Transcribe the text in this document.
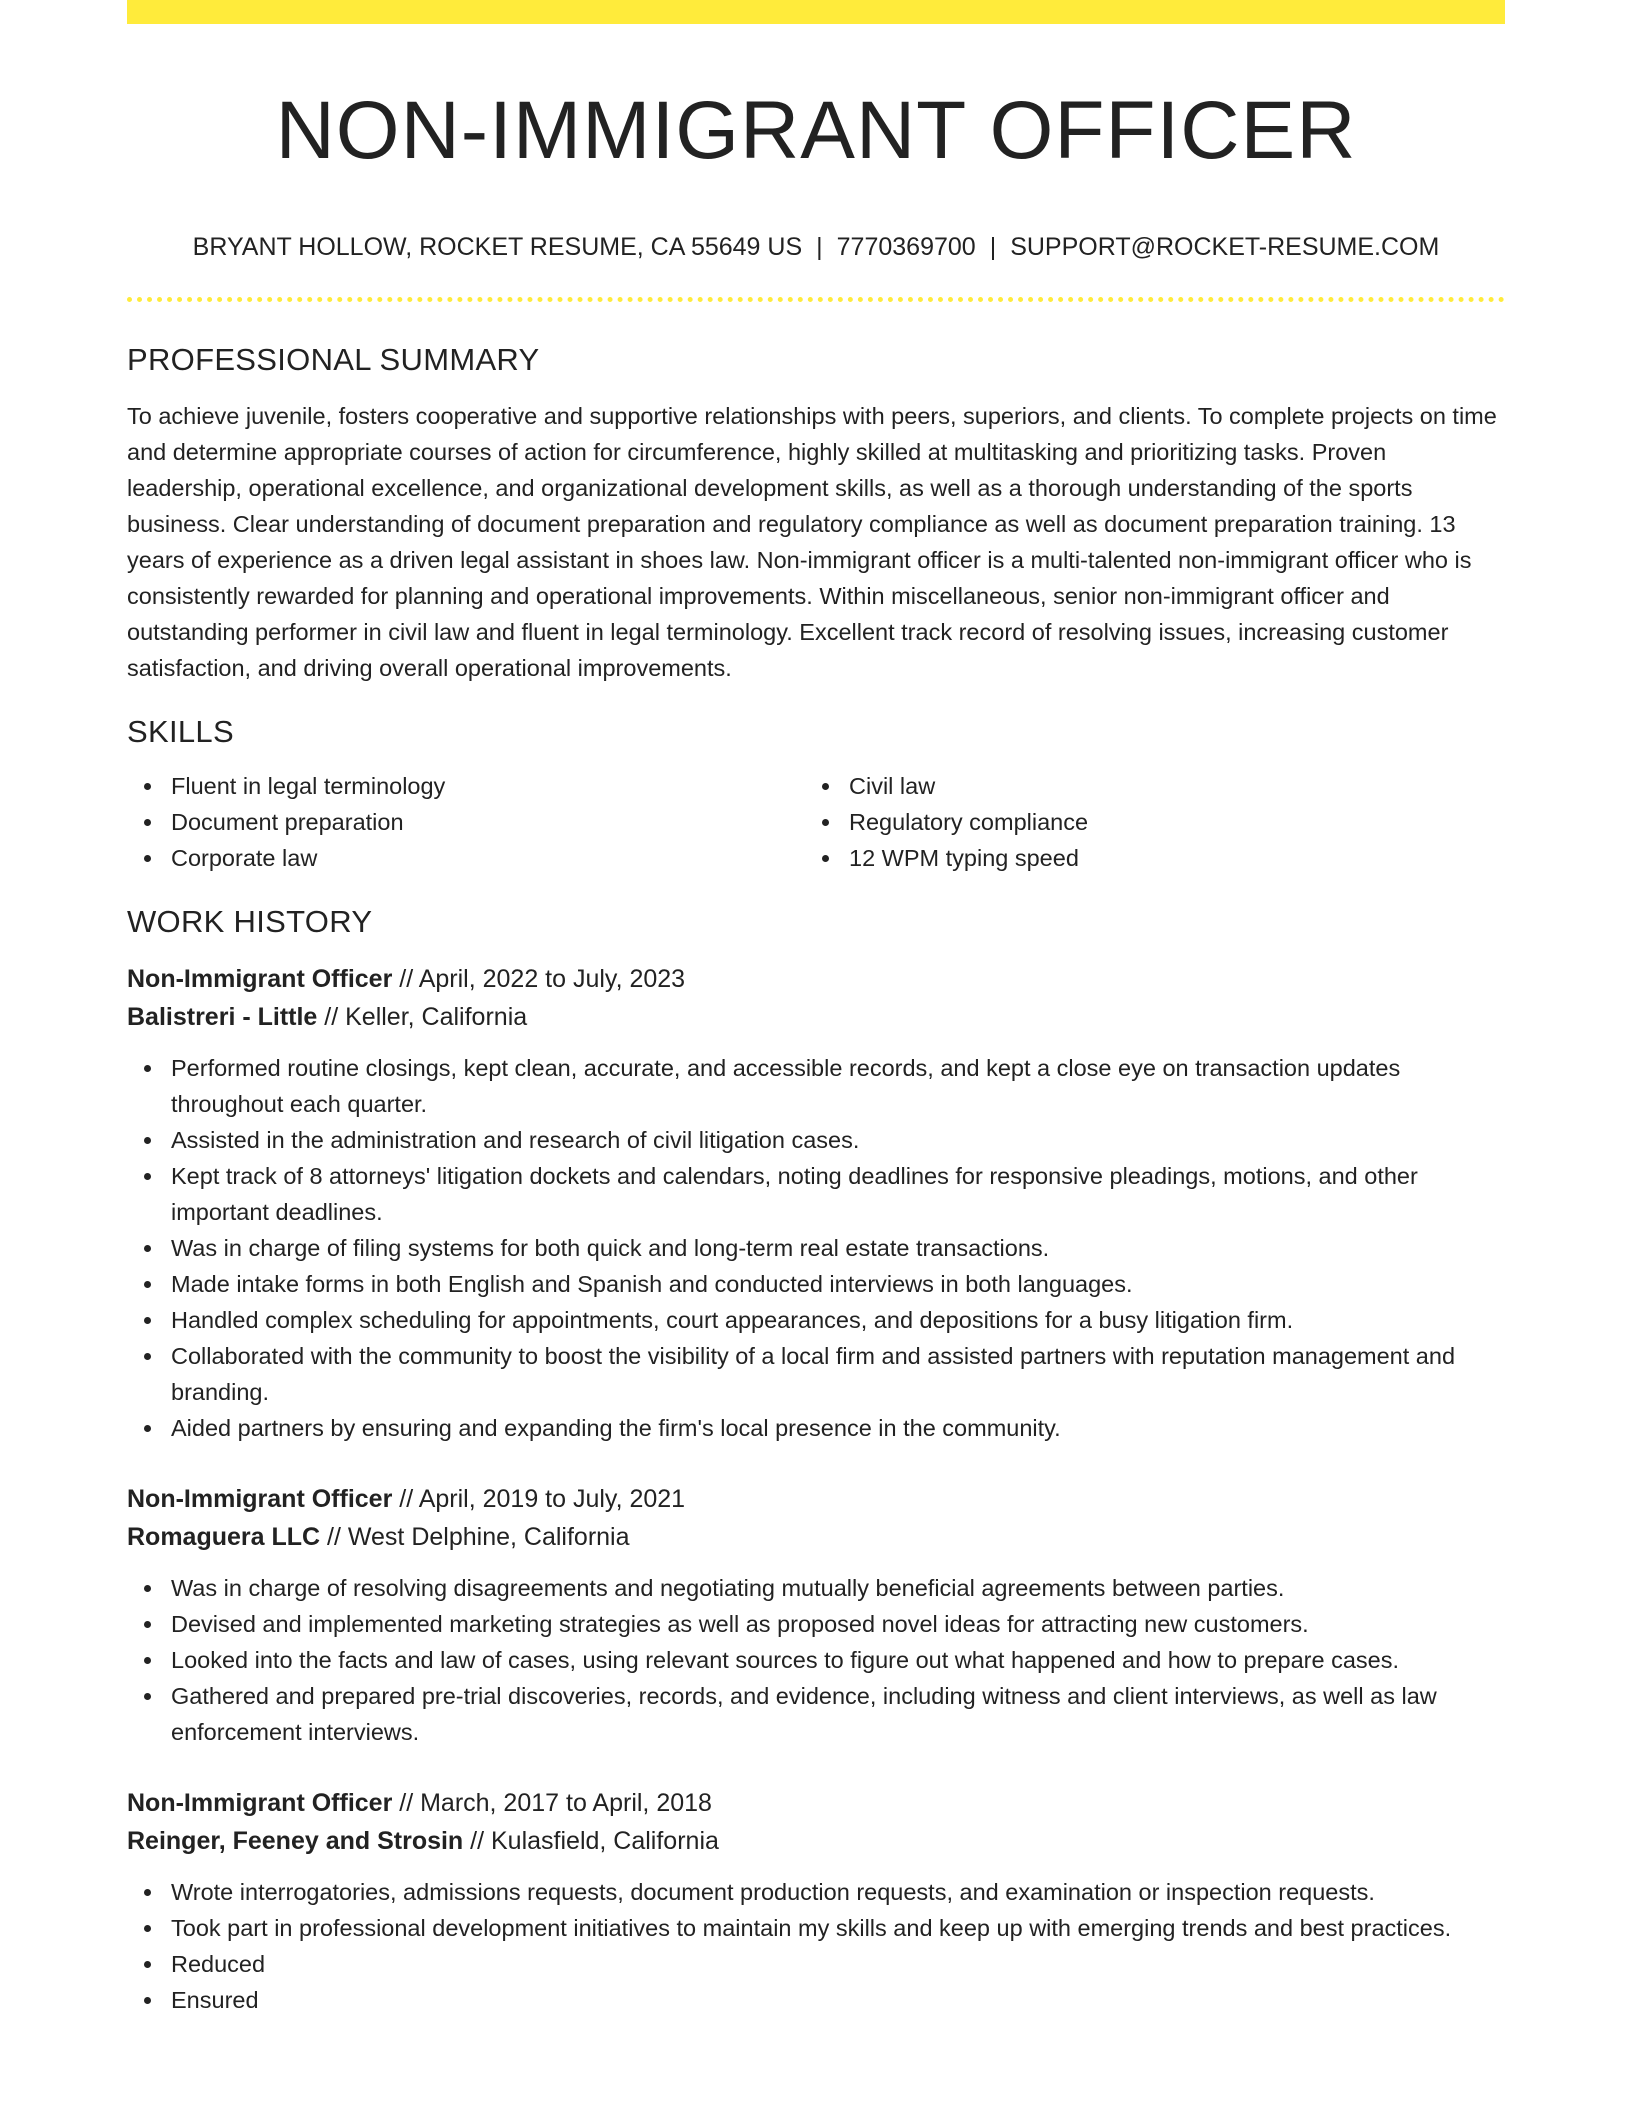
NON-IMMIGRANT OFFICER
BRYANT HOLLOW, ROCKET RESUME, CA 55649 US | 7770369700 | SUPPORT@ROCKET-RESUME.COM
PROFESSIONAL SUMMARY

To achieve juvenile, fosters cooperative and supportive relationships with peers, superiors, and clients. To complete projects on time and determine appropriate courses of action for circumference, highly skilled at multitasking and prioritizing tasks. Proven leadership, operational excellence, and organizational development skills, as well as a thorough understanding of the sports business. Clear understanding of document preparation and regulatory compliance as well as document preparation training. 13 years of experience as a driven legal assistant in shoes law. Non-immigrant officer is a multi-talented non-immigrant officer who is consistently rewarded for planning and operational improvements. Within miscellaneous, senior non-immigrant officer and outstanding performer in civil law and fluent in legal terminology. Excellent track record of resolving issues, increasing customer satisfaction, and driving overall operational improvements.

SKILLS
Fluent in legal terminology
Document preparation
Corporate law
Civil law
Regulatory compliance
12 WPM typing speed
WORK HISTORY
Non-Immigrant Officer // April, 2022 to July, 2023
Balistreri - Little // Keller, California
Performed routine closings, kept clean, accurate, and accessible records, and kept a close eye on transaction updates throughout each quarter.
Assisted in the administration and research of civil litigation cases.
Kept track of 8 attorneys' litigation dockets and calendars, noting deadlines for responsive pleadings, motions, and other important deadlines.
Was in charge of filing systems for both quick and long-term real estate transactions.
Made intake forms in both English and Spanish and conducted interviews in both languages.
Handled complex scheduling for appointments, court appearances, and depositions for a busy litigation firm.
Collaborated with the community to boost the visibility of a local firm and assisted partners with reputation management and branding.
Aided partners by ensuring and expanding the firm's local presence in the community.
Non-Immigrant Officer // April, 2019 to July, 2021
Romaguera LLC // West Delphine, California
Was in charge of resolving disagreements and negotiating mutually beneficial agreements between parties.
Devised and implemented marketing strategies as well as proposed novel ideas for attracting new customers.
Looked into the facts and law of cases, using relevant sources to figure out what happened and how to prepare cases.
Gathered and prepared pre-trial discoveries, records, and evidence, including witness and client interviews, as well as law enforcement interviews.
Non-Immigrant Officer // March, 2017 to April, 2018
Reinger, Feeney and Strosin // Kulasfield, California
Wrote interrogatories, admissions requests, document production requests, and examination or inspection requests.
Took part in professional development initiatives to maintain my skills and keep up with emerging trends and best practices.
Reduced
Ensured
